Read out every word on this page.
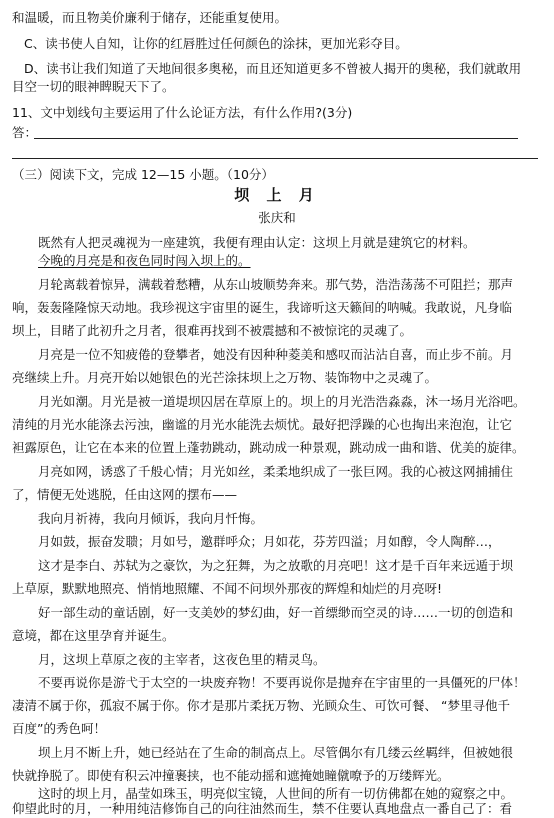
和温暖，而且物美价廉利于储存，还能重复使用。
C、读书使人自知，让你的红唇胜过任何颜色的涂抹，更加光彩夺目。
D、读书让我们知道了天地间很多奥秘，而且还知道更多不曾被人揭开的奥秘，我们就敢用
目空一切的眼神睥睨天下了。
11、文中划线句主要运用了什么论证方法，有什么作用?(3分)
答：
（三）阅读下文，完成 12—15 小题。（10分）
坝 上 月
张庆和
既然有人把灵魂视为一座建筑，我便有理由认定：这坝上月就是建筑它的材料。
今晚的月亮是和夜色同时闯入坝上的。
月轮离载着惊异，满载着愁糟，从东山坡顺势奔来。那气势，浩浩荡荡不可阻拦；那声
响，轰轰隆隆惊天动地。我珍视这宇宙里的诞生，我谛听这天籁间的呐喊。我敢说，凡身临
坝上，目睹了此初升之月者，很难再找到不被震撼和不被惊诧的灵魂了。
月亮是一位不知疲倦的登攀者，她没有因种种菱美和感叹而沾沾自喜，而止步不前。月
亮继续上升。月亮开始以她银色的光芒涂抹坝上之万物、装饰物中之灵魂了。
月光如潮。月光是被一道堤坝囚居在草原上的。坝上的月光浩浩淼淼，沐一场月光浴吧。
清纯的月光水能涤去污浊，幽谧的月光水能洗去烦忧。最好把浮躁的心也掏出来泡泡，让它
袒露原色，让它在本来的位置上蓬勃跳动，跳动成一种景观，跳动成一曲和谐、优美的旋律。
月亮如网，诱惑了千般心情；月光如丝，柔柔地织成了一张巨网。我的心被这网捕捕住
了，情便无处逃脱，任由这网的摆布——
我向月祈祷，我向月倾诉，我向月忏悔。
月如鼓，振奋发聩；月如号，邀群呼众；月如花，芬芳四溢；月如醇，令人陶醉…，
这才是李白、苏轼为之豪饮，为之狂舞，为之放歌的月亮吧！这才是千百年来远遁于坝
上草原，默默地照亮、悄悄地照耀、不闻不问坝外那夜的辉煌和灿烂的月亮呀!
好一部生动的童话剧，好一支美妙的梦幻曲，好一首缥缈而空灵的诗……一切的创造和
意境，都在这里孕育并诞生。
月，这坝上草原之夜的主宰者，这夜色里的精灵鸟。
不要再说你是游弋于太空的一块废弃物！不要再说你是抛弃在宇宙里的一具僵死的尸体！
凄清不属于你，孤寂不属于你。你才是那片柔抚万物、光顾众生、可饮可餐、 “梦里寻他千
百度”的秀色呵！
坝上月不断上升，她已经站在了生命的制高点上。尽管偶尔有几缕云丝羁绊，但被她很
快就挣脱了。即使有积云冲撞裹挟，也不能动摇和遮掩她瞳僦嘹予的万缕辉光。
这时的坝上月，晶莹如珠玉，明亮似宝镜，人世间的所有一切仿佛都在她的窥察之中。
仰望此时的月，一种用纯洁修饰自己的向往油然而生，禁不住要认真地盘点一番自己了：看
